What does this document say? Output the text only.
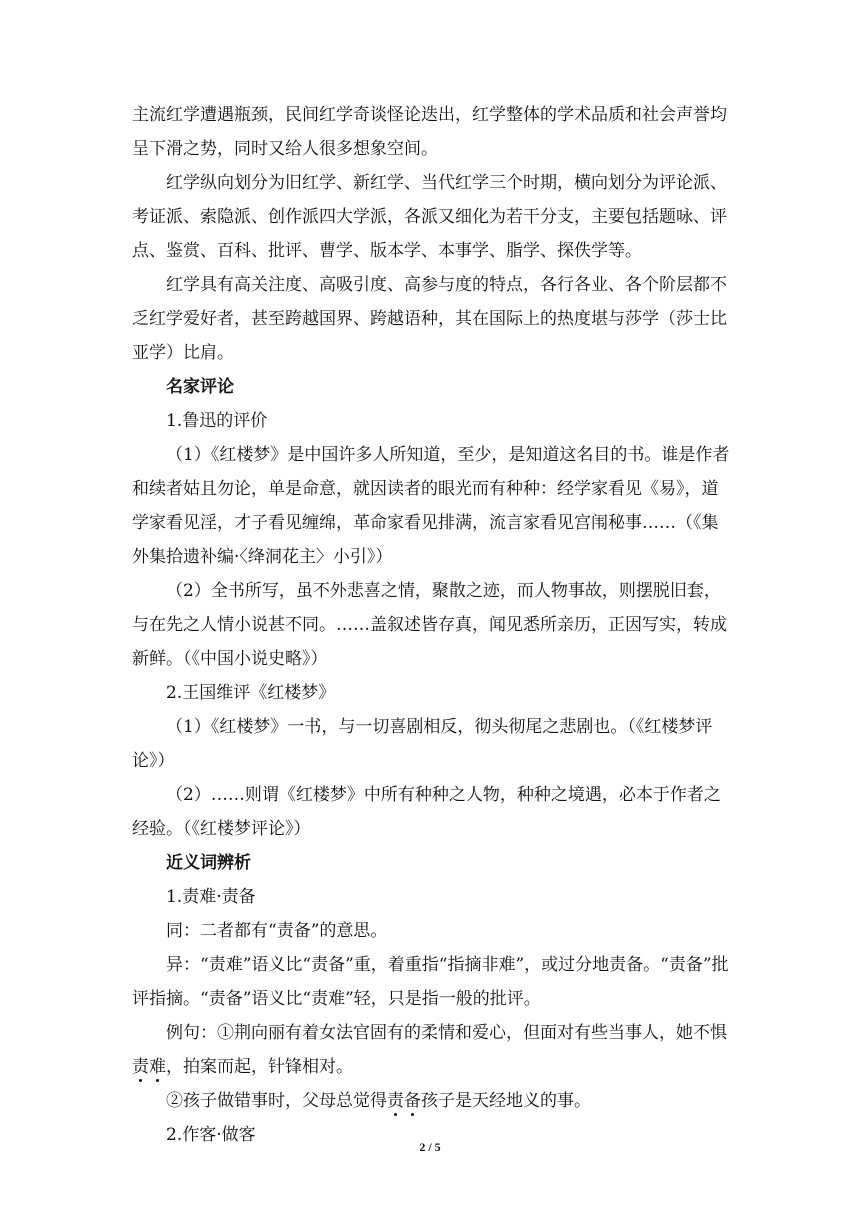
主流红学遭遇瓶颈，民间红学奇谈怪论迭出，红学整体的学术品质和社会声誉均呈下滑之势，同时又给人很多想象空间。

红学纵向划分为旧红学、新红学、当代红学三个时期，横向划分为评论派、考证派、索隐派、创作派四大学派，各派又细化为若干分支，主要包括题咏、评点、鉴赏、百科、批评、曹学、版本学、本事学、脂学、探佚学等。

红学具有高关注度、高吸引度、高参与度的特点，各行各业、各个阶层都不乏红学爱好者，甚至跨越国界、跨越语种，其在国际上的热度堪与莎学（莎士比亚学）比肩。

名家评论

1.鲁迅的评价

（1）《红楼梦》是中国许多人所知道，至少，是知道这名目的书。谁是作者和续者姑且勿论，单是命意，就因读者的眼光而有种种：经学家看见《易》，道学家看见淫，才子看见缠绵，革命家看见排满，流言家看见宫闱秘事……（《集外集拾遗补编·〈绛洞花主〉小引》）

（2）全书所写，虽不外悲喜之情，聚散之迹，而人物事故，则摆脱旧套，与在先之人情小说甚不同。……盖叙述皆存真，闻见悉所亲历，正因写实，转成新鲜。（《中国小说史略》）

2.王国维评《红楼梦》

（1）《红楼梦》一书，与一切喜剧相反，彻头彻尾之悲剧也。（《红楼梦评论》）

（2）……则谓《红楼梦》中所有种种之人物，种种之境遇，必本于作者之经验。（《红楼梦评论》）

近义词辨析

1.责难·责备

同：二者都有“责备”的意思。

异：“责难”语义比“责备”重，着重指“指摘非难”，或过分地责备。“责备”批评指摘。“责备”语义比“责难”轻，只是指一般的批评。

例句：①荆向丽有着女法官固有的柔情和爱心，但面对有些当事人，她不惧责难，拍案而起，针锋相对。

②孩子做错事时，父母总觉得责备孩子是天经地义的事。

2.作客·做客

2 / 5
